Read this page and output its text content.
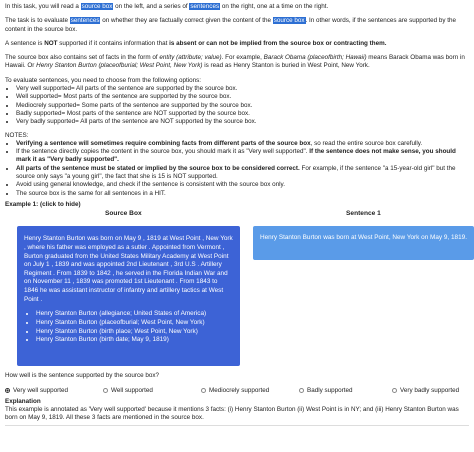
In this task, you will read a source box on the left, and a series of sentences on the right, one at a time on the right.

The task is to evaluate sentences on whether they are factually correct given the content of the source box. In other words, if the sentences are supported by the content in the source box.

A sentence is NOT supported if it contains information that is absent or can not be implied from the source box or contracting them.

The source box also contains set of facts in the form of entity (attribute; value). For example, Barack Obama (placeofbirth; Hawaii) means Barack Obama was born in Hawaii. Or Henry Stanton Burton (placeofburial; West Point, New York) is read as Henry Stanton is buried in West Point, New York.

To evaluate sentences, you need to choose from the following options:
• Very well supported= All parts of the sentence are supported by the source box.
• Well supported= Most parts of the sentence are supported by the source box.
• Mediocrely supported= Some parts of the sentence are supported by the source box.
• Badly supported= Most parts of the sentence are NOT supported by the source box.
• Very badly supported= All parts of the sentence are NOT supported by the source box.
NOTES:
• Verifying a sentence will sometimes require combining facts from different parts of the source box, so read the entire source box carefully.
• If the sentence directly copies the content in the source box, you should mark it as "Very well supported". If the sentence does not make sense, you should mark it as "Very badly supported".
• All parts of the sentence must be stated or implied by the source box to be considered correct. For example, if the sentence "a 15-year-old girl" but the source only says "a young girl", the fact that she is 15 is NOT supported.
• Avoid using general knowledge, and check if the sentence is consistent with the source box only.
• The source box is the same for all sentences in a HIT.
Example 1: (click to hide)
Source Box	Sentence 1
Henry Stanton Burton was born on May 9 , 1819 at West Point , New York , where his father was employed as a sutler . Appointed from Vermont , Burton graduated from the United States Military Academy at West Point on July 1 , 1839 and was appointed 2nd Lieutenant , 3rd U.S . Artillery Regiment . From 1839 to 1842 , he served in the Florida Indian War and on November 11 , 1839 was promoted 1st Lieutenant . From 1843 to 1846 he was assistant instructor of infantry and artillery tactics at West Point .
• Henry Stanton Burton (allegiance; United States of America)
• Henry Stanton Burton (placeofburial; West Point, New York)
• Henry Stanton Burton (birth place; West Point, New York)
• Henry Stanton Burton (birth date; May 9, 1819)
Henry Stanton Burton was born at West Point, New York on May 9, 1819.
How well is the sentence supported by the source box?
Very well supported	Well supported	Mediocrely supported	Badly supported	Very badly supported
Explanation
This example is annotated as 'Very well supported' because it mentions 3 facts: (i) Henry Stanton Burton (ii) West Point is in NY; and (iii) Henry Stanton Burton was born on May 9, 1819. All these 3 facts are mentioned in the source box.
